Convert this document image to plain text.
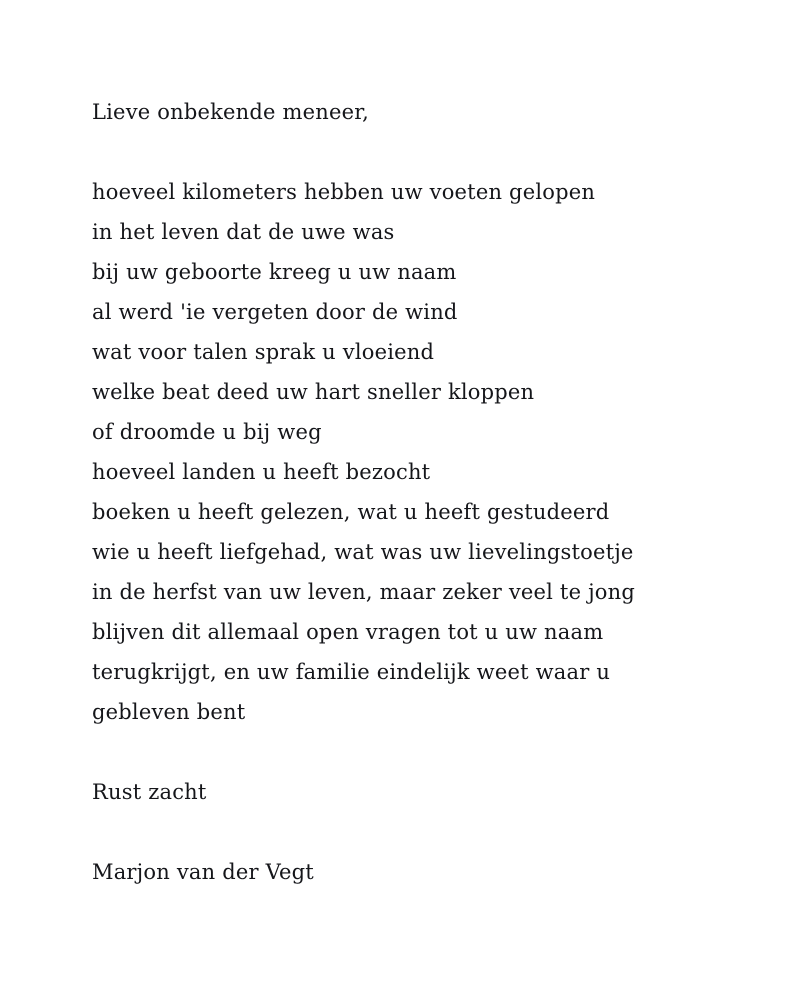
Lieve onbekende meneer,
hoeveel kilometers hebben uw voeten gelopen
in het leven dat de uwe was
bij uw geboorte kreeg u uw naam
al werd 'ie vergeten door de wind
wat voor talen sprak u vloeiend
welke beat deed uw hart sneller kloppen
of droomde u bij weg
hoeveel landen u heeft bezocht
boeken u heeft gelezen, wat u heeft gestudeerd
wie u heeft liefgehad, wat was uw lievelingstoetje
in de herfst van uw leven, maar zeker veel te jong
blijven dit allemaal open vragen tot u uw naam
terugkrijgt, en uw familie eindelijk weet waar u
gebleven bent
Rust zacht
Marjon van der Vegt
